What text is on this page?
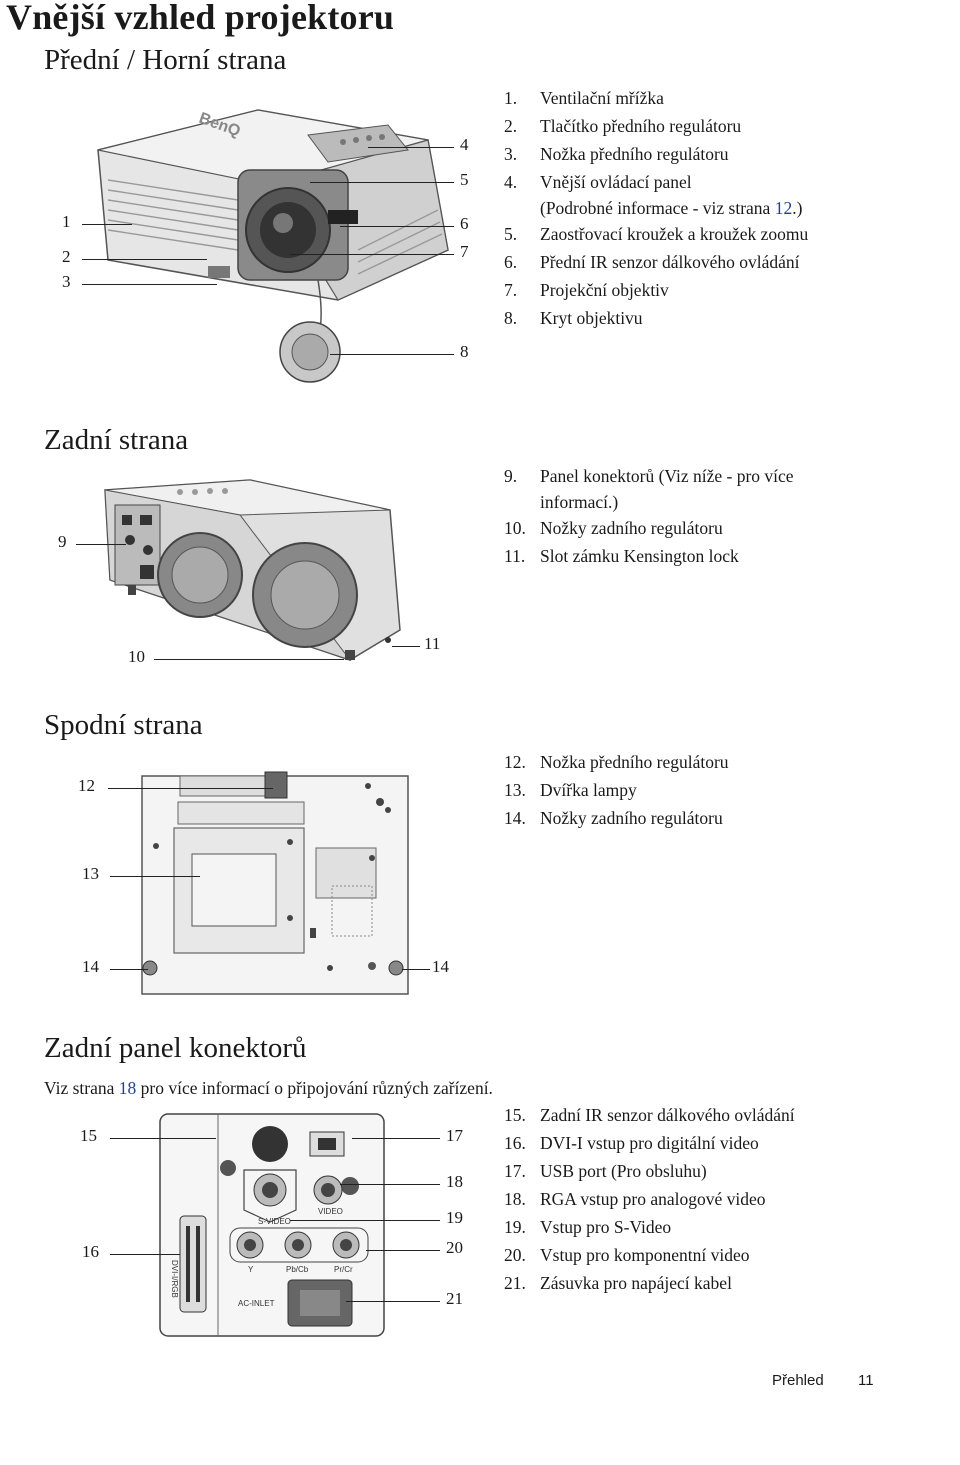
Vnější vzhled projektoru
Přední / Horní strana
BenQ
1
2
3
4
5
6
7
8
1.	Ventilační mřížka
2.	Tlačítko předního regulátoru
3.	Nožka předního regulátoru
4.	Vnější ovládací panel
(Podrobné informace - viz strana 12.)
5.	Zaostřovací kroužek a kroužek zoomu
6.	Přední IR senzor dálkového ovládání
7.	Projekční objektiv
8.	Kryt objektivu
Zadní strana
9
10
11
9.	Panel konektorů (Viz níže - pro více
informací.)
10. Nožky zadního regulátoru
11. Slot zámku Kensington lock
Spodní strana
12
13
14	14
12. Nožka předního regulátoru
13. Dvířka lampy
14. Nožky zadního regulátoru
Zadní panel konektorů
Viz strana 18 pro více informací o připojování různých zařízení.
S-VIDEO
VIDEO
Y	Pb/Cb	Pr/Cr
DVI-I/RGB
AC-INLET
15
16
17
18
19
20
21
15. Zadní IR senzor dálkového ovládání
16. DVI-I vstup pro digitální video
17. USB port (Pro obsluhu)
18. RGA vstup pro analogové video
19. Vstup pro S-Video
20. Vstup pro komponentní video
21. Zásuvka pro napájecí kabel
Přehled 11
